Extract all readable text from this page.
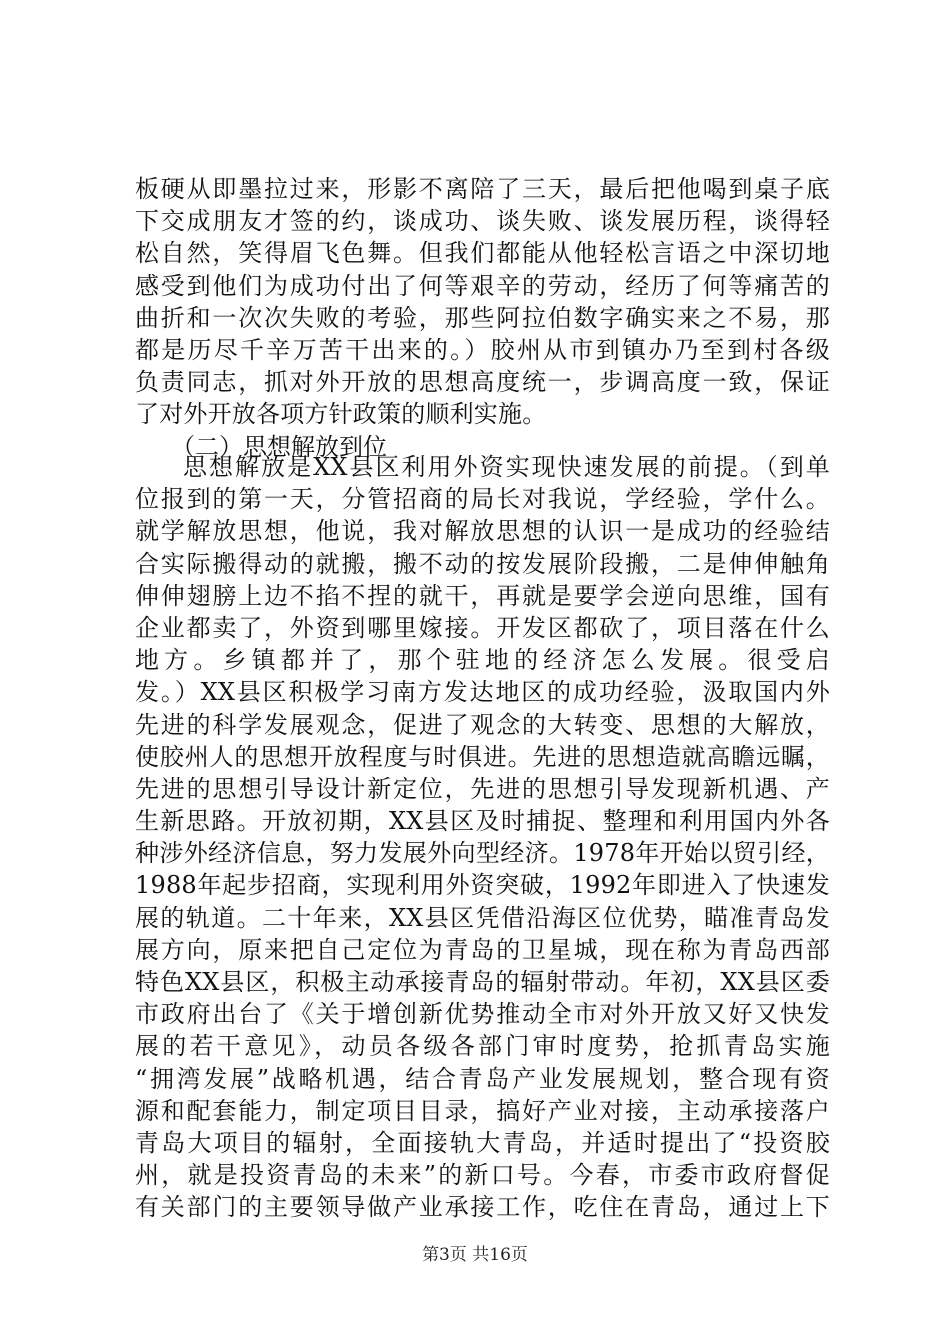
板硬从即墨拉过来，形影不离陪了三天，最后把他喝到桌子底
下交成朋友才签的约，谈成功、谈失败、谈发展历程，谈得轻
松自然，笑得眉飞色舞。但我们都能从他轻松言语之中深切地
感受到他们为成功付出了何等艰辛的劳动，经历了何等痛苦的
曲折和一次次失败的考验，那些阿拉伯数字确实来之不易，那
都是历尽千辛万苦干出来的。）胶州从市到镇办乃至到村各级
负责同志，抓对外开放的思想高度统一，步调高度一致，保证
了对外开放各项方针政策的顺利实施。
（二）思想解放到位
思想解放是XX县区利用外资实现快速发展的前提。（到单
位报到的第一天，分管招商的局长对我说，学经验，学什么。
就学解放思想，他说，我对解放思想的认识一是成功的经验结
合实际搬得动的就搬，搬不动的按发展阶段搬，二是伸伸触角
伸伸翅膀上边不掐不捏的就干，再就是要学会逆向思维，国有
企业都卖了，外资到哪里嫁接。开发区都砍了，项目落在什么
地方。乡镇都并了，那个驻地的经济怎么发展。很受启
发。）XX县区积极学习南方发达地区的成功经验，汲取国内外
先进的科学发展观念，促进了观念的大转变、思想的大解放，
使胶州人的思想开放程度与时俱进。先进的思想造就高瞻远瞩，
先进的思想引导设计新定位，先进的思想引导发现新机遇、产
生新思路。开放初期，XX县区及时捕捉、整理和利用国内外各
种涉外经济信息，努力发展外向型经济。1978年开始以贸引经，
1988年起步招商，实现利用外资突破，1992年即进入了快速发
展的轨道。二十年来，XX县区凭借沿海区位优势，瞄准青岛发
展方向，原来把自己定位为青岛的卫星城，现在称为青岛西部
特色XX县区，积极主动承接青岛的辐射带动。年初，XX县区委
市政府出台了《关于增创新优势推动全市对外开放又好又快发
展的若干意见》，动员各级各部门审时度势，抢抓青岛实施
“拥湾发展”战略机遇，结合青岛产业发展规划，整合现有资
源和配套能力，制定项目目录，搞好产业对接，主动承接落户
青岛大项目的辐射，全面接轨大青岛，并适时提出了“投资胶
州，就是投资青岛的未来”的新口号。今春，市委市政府督促
有关部门的主要领导做产业承接工作，吃住在青岛，通过上下
第3页 共16页
